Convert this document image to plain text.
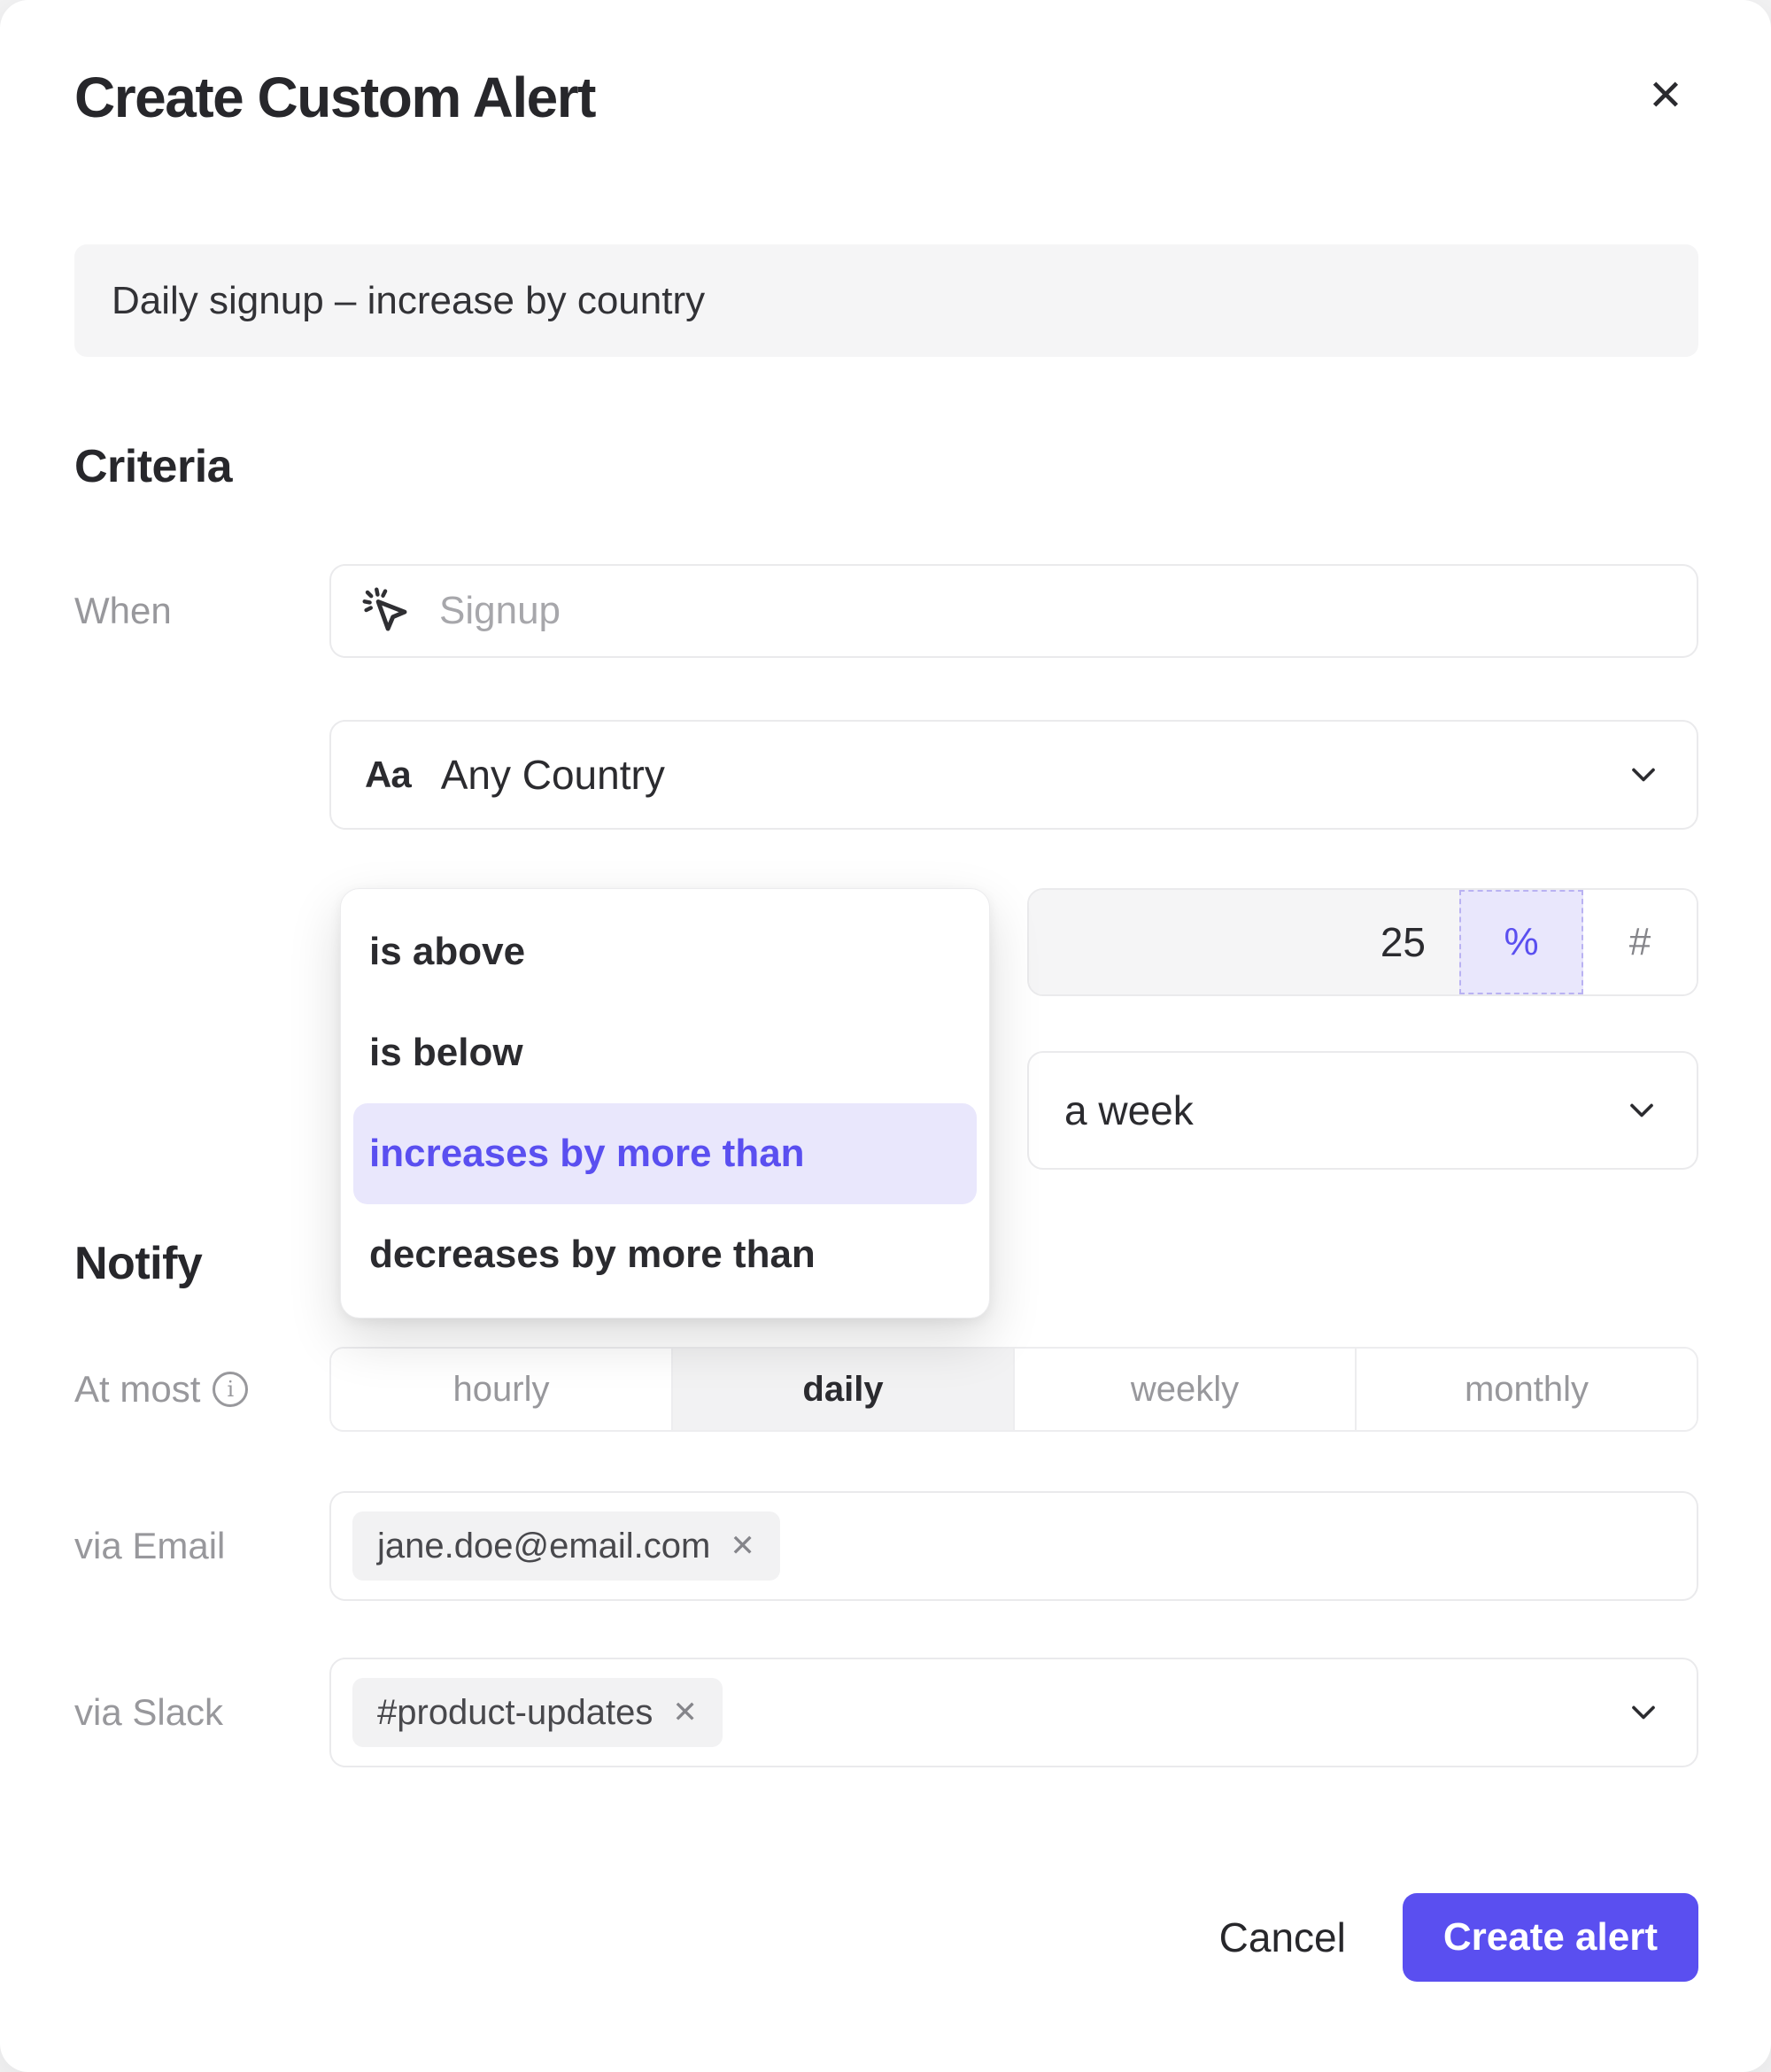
Create Custom Alert	✕
Daily signup – increase by country
Criteria
When
Signup
Aa Any Country
is above
is below
increases by more than
decreases by more than
25	%	#
a week
Notify
At most	i	hourly	daily	weekly	monthly
via Email	jane.doe@email.com ✕
via Slack	#product-updates ✕
Cancel	Create alert
